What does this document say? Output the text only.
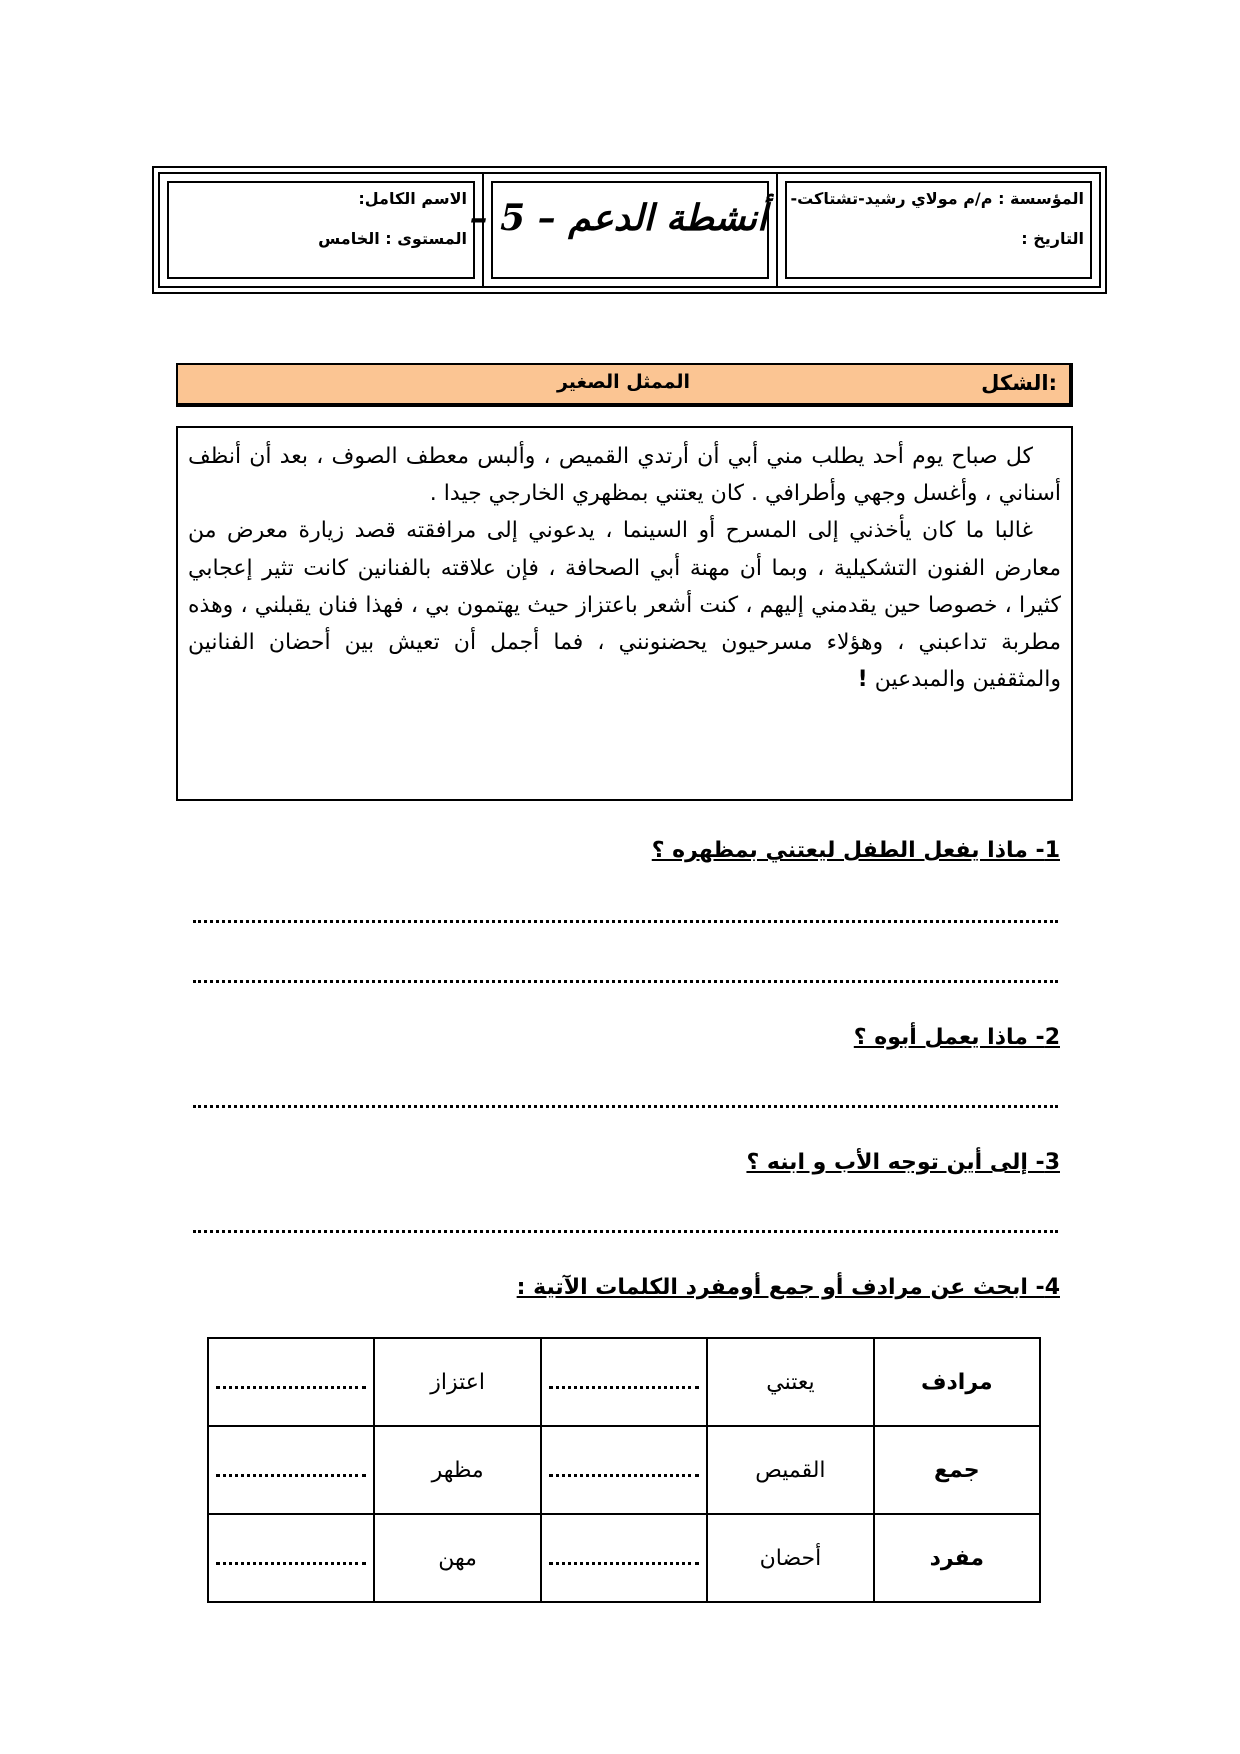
المؤسسة : م/م مولاي رشيد-تشتاكت-
التاريخ :
أنشطة الدعم – 5 –
الاسم الكامل:
المستوى : الخامس
الشكل:
الممثل الصغير

كل صباح يوم أحد يطلب مني أبي أن أرتدي القميص ، وألبس معطف الصوف ، بعد أن أنظف أسناني ، وأغسل وجهي وأطرافي . كان يعتني بمظهري الخارجي جيدا .

غالبا ما كان يأخذني إلى المسرح أو السينما ، يدعوني إلى مرافقته قصد زيارة معرض من معارض الفنون التشكيلية ، وبما أن مهنة أبي الصحافة ، فإن علاقته بالفنانين كانت تثير إعجابي كثيرا ، خصوصا حين يقدمني إليهم ، كنت أشعر باعتزاز حيث يهتمون بي ، فهذا فنان يقبلني ، وهذه مطربة تداعبني ، وهؤلاء مسرحيون يحضنونني ، فما أجمل أن تعيش بين أحضان الفنانين والمثقفين والمبدعين !

1- ماذا يفعل الطفل ليعتني بمظهره ؟
2- ماذا يعمل أبوه ؟
3- إلى أين توجه الأب و ابنه ؟
4- ابحث عن مرادف أو جمع أومفرد الكلمات الآتية :
مرادف	يعتني		اعتزاز	
جمع	القميص		مظهر	
مفرد	أحضان		مهن	
